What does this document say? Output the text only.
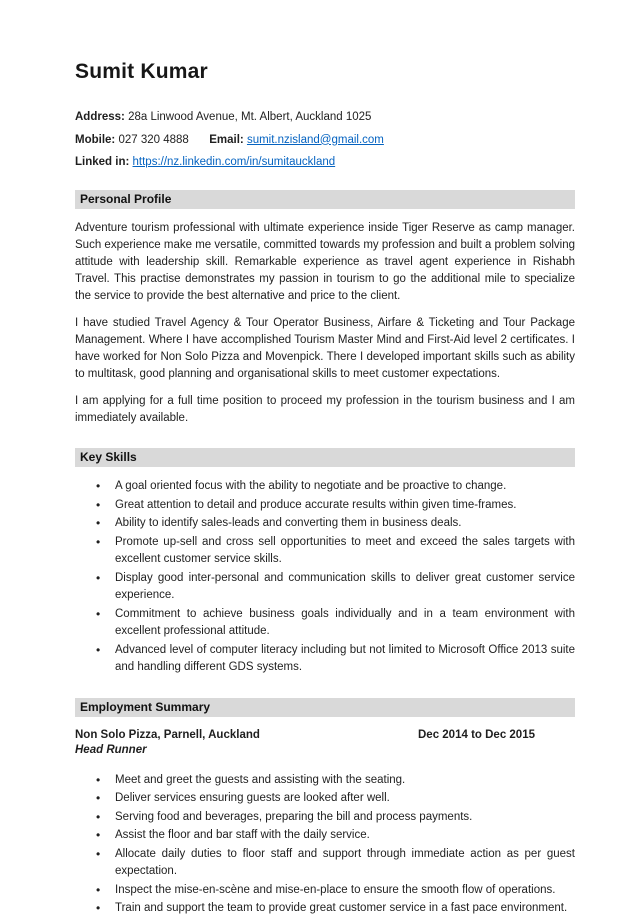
Sumit Kumar
Address: 28a Linwood Avenue, Mt. Albert, Auckland 1025
Mobile: 027 320 4888 Email: sumit.nzisland@gmail.com
Linked in: https://nz.linkedin.com/in/sumitauckland
Personal Profile

Adventure tourism professional with ultimate experience inside Tiger Reserve as camp manager. Such experience make me versatile, committed towards my profession and built a problem solving attitude with leadership skill. Remarkable experience as travel agent experience in Rishabh Travel. This practise demonstrates my passion in tourism to go the additional mile to specialize the service to provide the best alternative and price to the client.

I have studied Travel Agency & Tour Operator Business, Airfare & Ticketing and Tour Package Management. Where I have accomplished Tourism Master Mind and First-Aid level 2 certificates. I have worked for Non Solo Pizza and Movenpick. There I developed important skills such as ability to multitask, good planning and organisational skills to meet customer expectations.

I am applying for a full time position to proceed my profession in the tourism business and I am immediately available.

Key Skills
• A goal oriented focus with the ability to negotiate and be proactive to change.
• Great attention to detail and produce accurate results within given time-frames.
• Ability to identify sales-leads and converting them in business deals.
• Promote up-sell and cross sell opportunities to meet and exceed the sales targets with excellent customer service skills.
• Display good inter-personal and communication skills to deliver great customer service experience.
• Commitment to achieve business goals individually and in a team environment with excellent professional attitude.
• Advanced level of computer literacy including but not limited to Microsoft Office 2013 suite and handling different GDS systems.
Employment Summary
Non Solo Pizza, Parnell, Auckland	Dec 2014 to Dec 2015
Head Runner
• Meet and greet the guests and assisting with the seating.
• Deliver services ensuring guests are looked after well.
• Serving food and beverages, preparing the bill and process payments.
• Assist the floor and bar staff with the daily service.
• Allocate daily duties to floor staff and support through immediate action as per guest expectation.
• Inspect the mise-en-scène and mise-en-place to ensure the smooth flow of operations.
• Train and support the team to provide great customer service in a fast pace environment.
